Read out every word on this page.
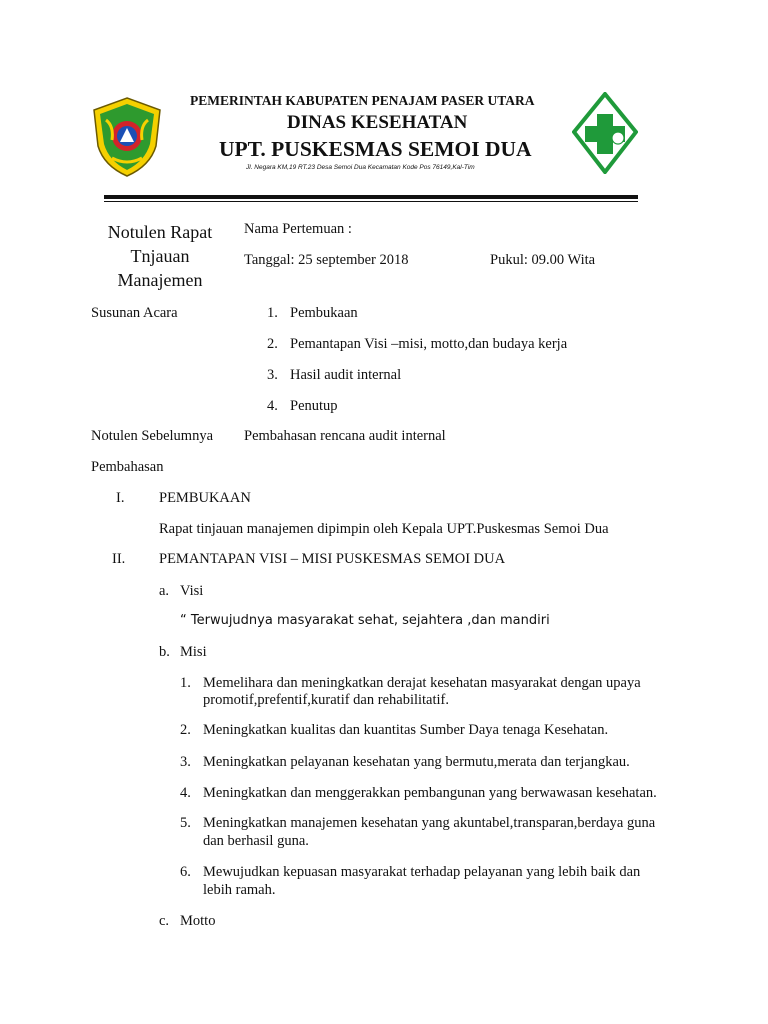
PEMERINTAH KABUPATEN PENAJAM PASER UTARA
DINAS KESEHATAN
UPT. PUSKESMAS SEMOI DUA
Jl. Negara KM,19 RT.23 Desa Semoi Dua Kecamatan Kode Pos 76149,Kal-Tim
Notulen Rapat
Tnjauan
Manajemen
Nama Pertemuan :
Tanggal: 25 september 2018	Pukul: 09.00 Wita
Susunan Acara	1. Pembukaan
2. Pemantapan Visi –misi, motto,dan budaya kerja
3. Hasil audit internal
4. Penutup
Notulen Sebelumnya Pembahasan rencana audit internal
Pembahasan
I. PEMBUKAAN
Rapat tinjauan manajemen dipimpin oleh Kepala UPT.Puskesmas Semoi Dua
II. PEMANTAPAN VISI – MISI PUSKESMAS SEMOI DUA
a. Visi
“ Terwujudnya masyarakat sehat, sejahtera ,dan mandiri
b. Misi
1. Memelihara dan meningkatkan derajat kesehatan masyarakat dengan upaya
promotif,prefentif,kuratif dan rehabilitatif.
2. Meningkatkan kualitas dan kuantitas Sumber Daya tenaga Kesehatan.
3. Meningkatkan pelayanan kesehatan yang bermutu,merata dan terjangkau.
4. Meningkatkan dan menggerakkan pembangunan yang berwawasan kesehatan.
5. Meningkatkan manajemen kesehatan yang akuntabel,transparan,berdaya guna
dan berhasil guna.
6. Mewujudkan kepuasan masyarakat terhadap pelayanan yang lebih baik dan
lebih ramah.
c. Motto
